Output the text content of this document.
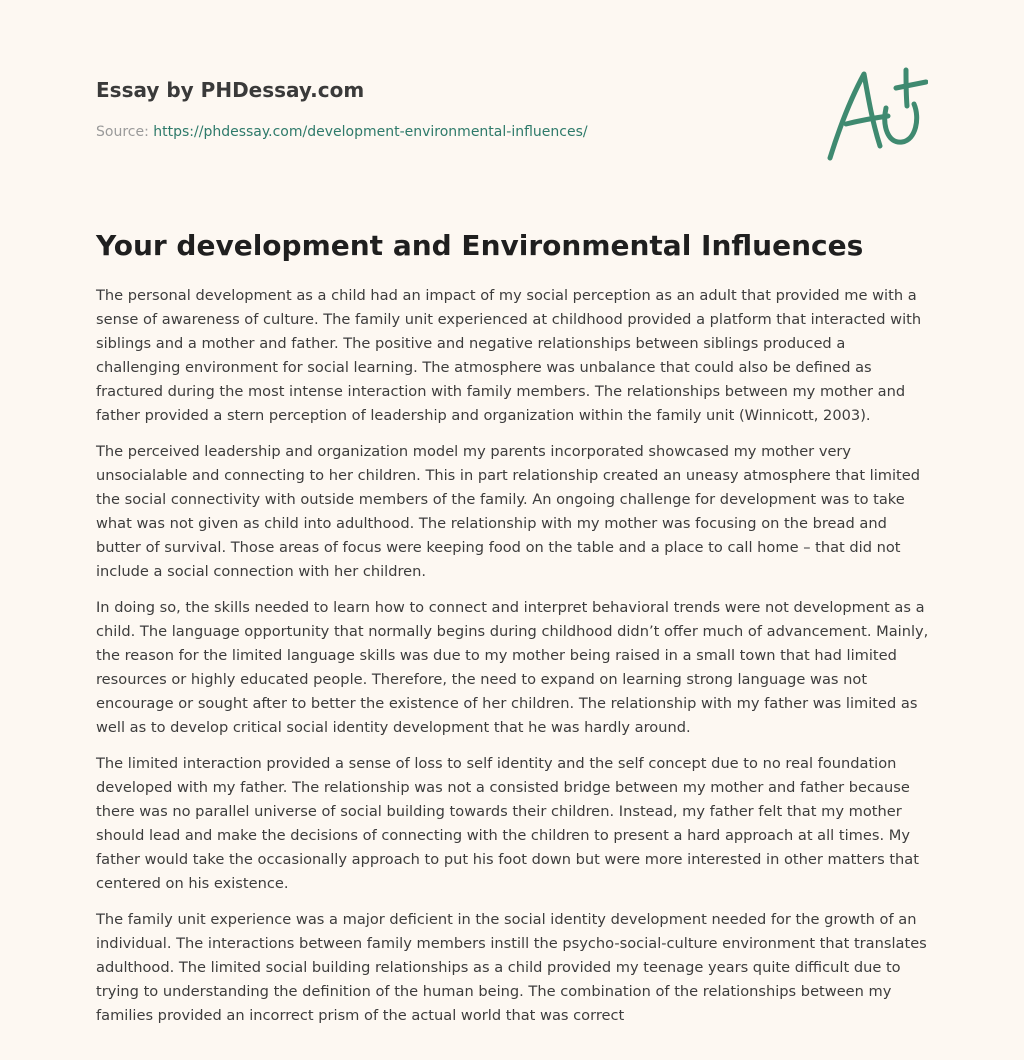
Essay by PHDessay.com
Source: https://phdessay.com/development-environmental-influences/
Your development and Environmental Influences

The personal development as a child had an impact of my social perception as an adult that provided me with a sense of awareness of culture. The family unit experienced at childhood provided a platform that interacted with siblings and a mother and father. The positive and negative relationships between siblings produced a challenging environment for social learning. The atmosphere was unbalance that could also be defined as fractured during the most intense interaction with family members. The relationships between my mother and father provided a stern perception of leadership and organization within the family unit (Winnicott, 2003).

The perceived leadership and organization model my parents incorporated showcased my mother very unsocialable and connecting to her children. This in part relationship created an uneasy atmosphere that limited the social connectivity with outside members of the family. An ongoing challenge for development was to take what was not given as child into adulthood. The relationship with my mother was focusing on the bread and butter of survival. Those areas of focus were keeping food on the table and a place to call home – that did not include a social connection with her children.

In doing so, the skills needed to learn how to connect and interpret behavioral trends were not development as a child. The language opportunity that normally begins during childhood didn’t offer much of advancement. Mainly, the reason for the limited language skills was due to my mother being raised in a small town that had limited resources or highly educated people. Therefore, the need to expand on learning strong language was not encourage or sought after to better the existence of her children. The relationship with my father was limited as well as to develop critical social identity development that he was hardly around.

The limited interaction provided a sense of loss to self identity and the self concept due to no real foundation developed with my father. The relationship was not a consisted bridge between my mother and father because there was no parallel universe of social building towards their children. Instead, my father felt that my mother should lead and make the decisions of connecting with the children to present a hard approach at all times. My father would take the occasionally approach to put his foot down but were more interested in other matters that centered on his existence.

The family unit experience was a major deficient in the social identity development needed for the growth of an individual. The interactions between family members instill the psycho-social-culture environment that translates adulthood. The limited social building relationships as a child provided my teenage years quite difficult due to trying to understanding the definition of the human being. The combination of the relationships between my families provided an incorrect prism of the actual world that was correct
